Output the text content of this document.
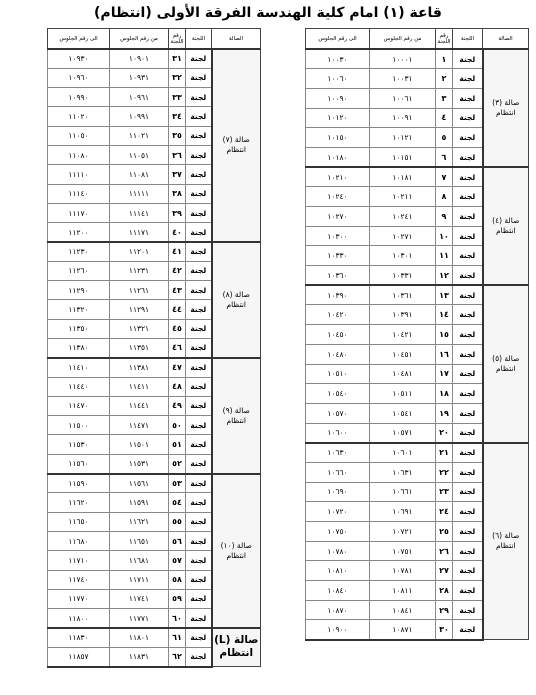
قاعة (١) امام كلية الهندسة الفرقة الأولى (انتظام)
الصالة	اللجنة	رقم اللجنة	من رقم الجلوس	الى رقم الجلوس
صالة (٣) انتظام	لجنة	١	١٠٠٠١	١٠٠٣٠
	لجنة	٢	١٠٠٣١	١٠٠٦٠
	لجنة	٣	١٠٠٦١	١٠٠٩٠
	لجنة	٤	١٠٠٩١	١٠١٢٠
	لجنة	٥	١٠١٢١	١٠١٥٠
	لجنة	٦	١٠١٥١	١٠١٨٠
صالة (٤) انتظام	لجنة	٧	١٠١٨١	١٠٢١٠
	لجنة	٨	١٠٢١١	١٠٢٤٠
	لجنة	٩	١٠٢٤١	١٠٢٧٠
	لجنة	١٠	١٠٢٧١	١٠٣٠٠
	لجنة	١١	١٠٣٠١	١٠٣٣٠
	لجنة	١٢	١٠٣٣١	١٠٣٦٠
صالة (٥) انتظام	لجنة	١٣	١٠٣٦١	١٠٣٩٠
	لجنة	١٤	١٠٣٩١	١٠٤٢٠
	لجنة	١٥	١٠٤٢١	١٠٤٥٠
	لجنة	١٦	١٠٤٥١	١٠٤٨٠
	لجنة	١٧	١٠٤٨١	١٠٥١٠
	لجنة	١٨	١٠٥١١	١٠٥٤٠
	لجنة	١٩	١٠٥٤١	١٠٥٧٠
	لجنة	٢٠	١٠٥٧١	١٠٦٠٠
صالة (٦) انتظام	لجنة	٢١	١٠٦٠١	١٠٦٣٠
	لجنة	٢٢	١٠٦٣١	١٠٦٦٠
	لجنة	٢٣	١٠٦٦١	١٠٦٩٠
	لجنة	٢٤	١٠٦٩١	١٠٧٢٠
	لجنة	٢٥	١٠٧٢١	١٠٧٥٠
	لجنة	٢٦	١٠٧٥١	١٠٧٨٠
	لجنة	٢٧	١٠٧٨١	١٠٨١٠
	لجنة	٢٨	١٠٨١١	١٠٨٤٠
	لجنة	٢٩	١٠٨٤١	١٠٨٧٠
	لجنة	٣٠	١٠٨٧١	١٠٩٠٠
الصالة	اللجنة	رقم اللجنة	من رقم الجلوس	الى رقم الجلوس
صالة (٧) انتظام	لجنة	٣١	١٠٩٠١	١٠٩٣٠
	لجنة	٣٢	١٠٩٣١	١٠٩٦٠
	لجنة	٣٣	١٠٩٦١	١٠٩٩٠
	لجنة	٣٤	١٠٩٩١	١١٠٢٠
	لجنة	٣٥	١١٠٢١	١١٠٥٠
	لجنة	٣٦	١١٠٥١	١١٠٨٠
	لجنة	٣٧	١١٠٨١	١١١١٠
	لجنة	٣٨	١١١١١	١١١٤٠
	لجنة	٣٩	١١١٤١	١١١٧٠
	لجنة	٤٠	١١١٧١	١١٢٠٠
صالة (٨) انتظام	لجنة	٤١	١١٢٠١	١١٢٣٠
	لجنة	٤٢	١١٢٣١	١١٢٦٠
	لجنة	٤٣	١١٢٦١	١١٢٩٠
	لجنة	٤٤	١١٢٩١	١١٣٢٠
	لجنة	٤٥	١١٣٢١	١١٣٥٠
	لجنة	٤٦	١١٣٥١	١١٣٨٠
صالة (٩) انتظام	لجنة	٤٧	١١٣٨١	١١٤١٠
	لجنة	٤٨	١١٤١١	١١٤٤٠
	لجنة	٤٩	١١٤٤١	١١٤٧٠
	لجنة	٥٠	١١٤٧١	١١٥٠٠
	لجنة	٥١	١١٥٠١	١١٥٣٠
	لجنة	٥٢	١١٥٣١	١١٥٦٠
صالة (١٠) انتظام	لجنة	٥٣	١١٥٦١	١١٥٩٠
	لجنة	٥٤	١١٥٩١	١١٦٢٠
	لجنة	٥٥	١١٦٢١	١١٦٥٠
	لجنة	٥٦	١١٦٥١	١١٦٨٠
	لجنة	٥٧	١١٦٨١	١١٧١٠
	لجنة	٥٨	١١٧١١	١١٧٤٠
	لجنة	٥٩	١١٧٤١	١١٧٧٠
	لجنة	٦٠	١١٧٧١	١١٨٠٠
صالة (L) انتظام	لجنة	٦١	١١٨٠١	١١٨٣٠
	لجنة	٦٢	١١٨٣١	١١٨٥٧
